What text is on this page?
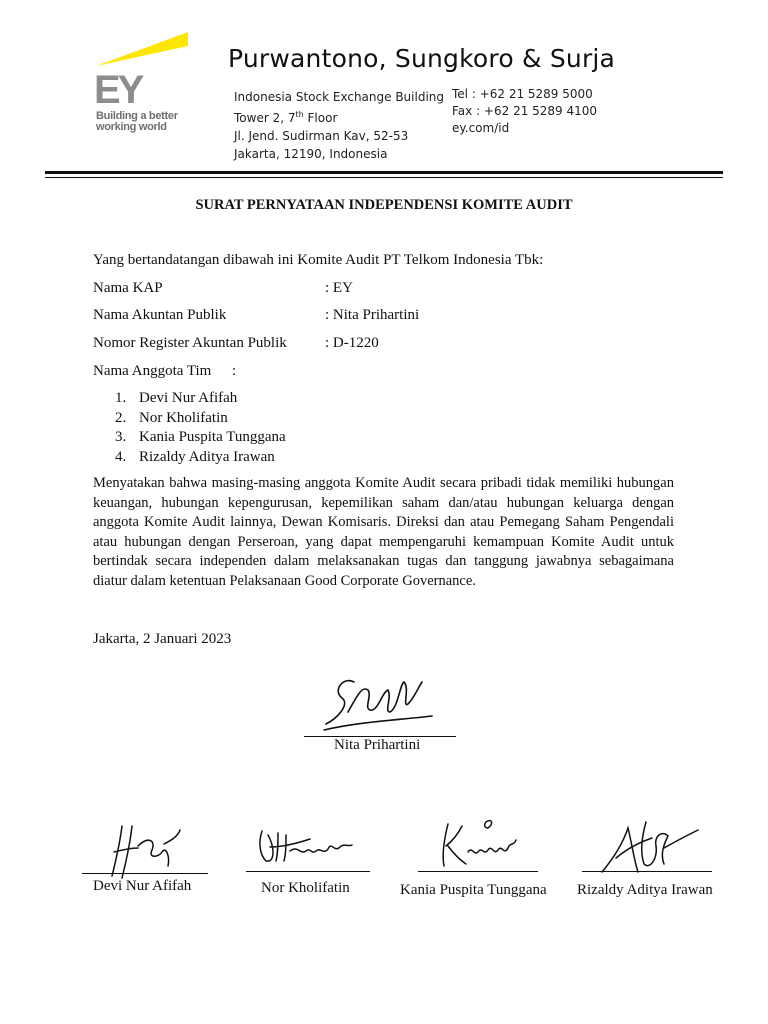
EY
Building a better
working world
Purwantono, Sungkoro & Surja
Indonesia Stock Exchange Building
Tower 2, 7th Floor
Jl. Jend. Sudirman Kav, 52-53
Jakarta, 12190, Indonesia
Tel : +62 21 5289 5000
Fax : +62 21 5289 4100
ey.com/id
SURAT PERNYATAAN INDEPENDENSI KOMITE AUDIT
Yang bertandatangan dibawah ini Komite Audit PT Telkom Indonesia Tbk:
Nama KAP	: EY
Nama Akuntan Publik	: Nita Prihartini
Nomor Register Akuntan Publik	: D-1220
Nama Anggota Tim :
1. Devi Nur Afifah
2. Nor Kholifatin
3. Kania Puspita Tunggana
4. Rizaldy Aditya Irawan
Menyatakan bahwa masing-masing anggota Komite Audit secara pribadi tidak memiliki hubungan keuangan, hubungan kepengurusan, kepemilikan saham dan/atau hubungan keluarga dengan anggota Komite Audit lainnya, Dewan Komisaris. Direksi dan atau Pemegang Saham Pengendali atau hubungan dengan Perseroan, yang dapat mempengaruhi kemampuan Komite Audit untuk bertindak secara independen dalam melaksanakan tugas dan tanggung jawabnya sebagaimana diatur dalam ketentuan Pelaksanaan Good Corporate Governance.
Jakarta, 2 Januari 2023
Nita Prihartini
Devi Nur Afifah	Nor Kholifatin	Kania Puspita Tunggana Rizaldy Aditya Irawan
